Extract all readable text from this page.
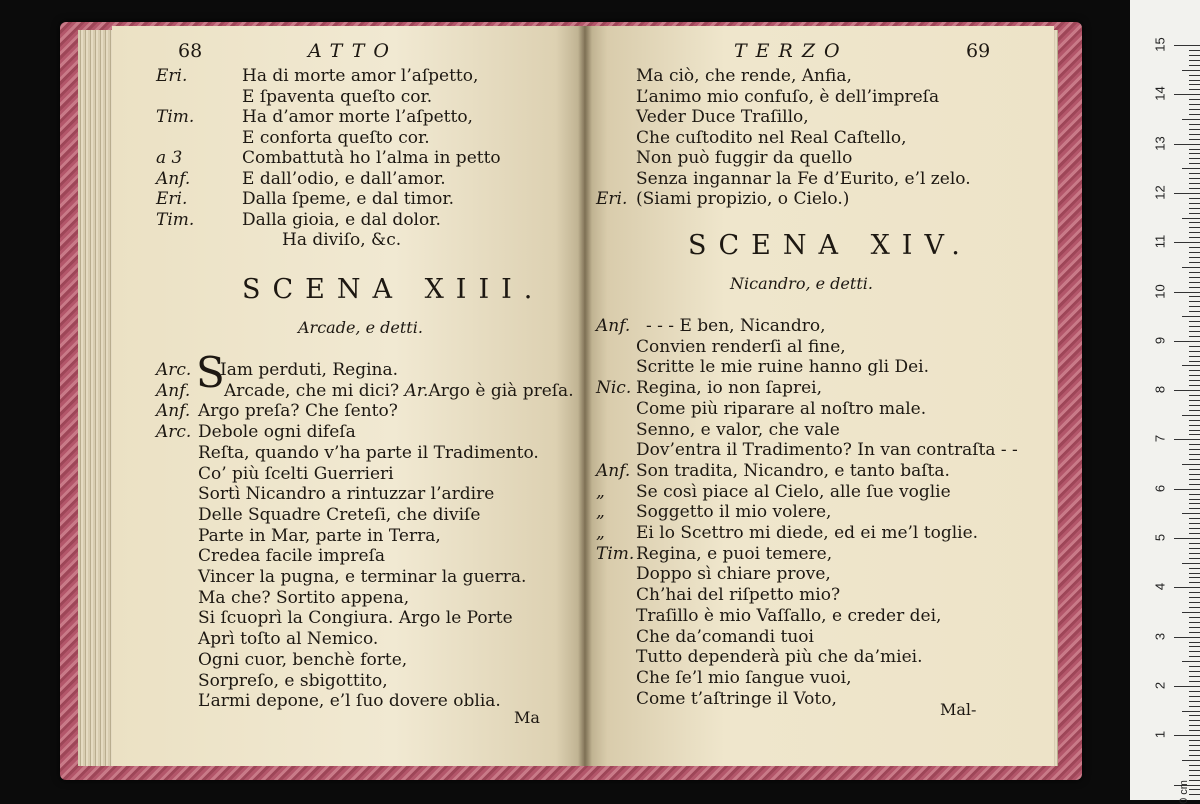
68	ATTO
Eri.	Ha di morte amor l’aſpetto,
E ſpaventa queſto cor.
Tim.	Ha d’amor morte l’aſpetto,
E conforta queſto cor.
a 3	Combattutà ho l’alma in petto
Anf.	E dall’odio, e dall’amor.
Eri.	Dalla ſpeme, e dal timor.
Tim.	Dalla gioia, e dal dolor.
Ha diviſo, &c.
SCENA XIII.
Arcade, e detti.
S
Arc. Iam perduti, Regina.
Anf. Arcade, che mi dici? Ar.Argo è già preſa.
Anf. Argo preſa? Che ſento?
Arc. Debole ogni difeſa
Reſta, quando v’ha parte il Tradimento.
Co’ più ſcelti Guerrieri
Sortì Nicandro a rintuzzar l’ardire
Delle Squadre Creteſi, che diviſe
Parte in Mar, parte in Terra,
Credea facile impreſa
Vincer la pugna, e terminar la guerra.
Ma che? Sortito appena,
Si ſcuoprì la Congiura. Argo le Porte
Aprì toſto al Nemico.
Ogni cuor, benchè forte,
Sorpreſo, e sbigottito,
L’armi depone, e’l ſuo dovere oblia.
Ma
TERZO	69
Ma ciò, che rende, Anfia,
L’animo mio confuſo, è dell’impreſa
Veder Duce Traſillo,
Che cuſtodito nel Real Caſtello,
Non può fuggir da quello
Senza ingannar la Fe d’Eurito, e’l zelo.
Eri. (Siami propizio, o Cielo.)
SCENA XIV.
Nicandro, e detti.
Anf. - - - E ben, Nicandro,
Convien renderſi al fine,
Scritte le mie ruine hanno gli Dei.
Nic. Regina, io non ſaprei,
Come più riparare al noſtro male.
Senno, e valor, che vale
Dov’entra il Tradimento? In van contraſta - -
Anf. Son tradita, Nicandro, e tanto baſta.
„ Se così piace al Cielo, alle ſue voglie
„ Soggetto il mio volere,
„ Ei lo Scettro mi diede, ed ei me’l toglie.
Tim. Regina, e puoi temere,
Doppo sì chiare prove,
Ch’hai del riſpetto mio?
Traſillo è mio Vaſſallo, e creder dei,
Che da’comandi tuoi
Tutto dependerà più che da’miei.
Che ſe’l mio ſangue vuoi,
Come t’aſtringe il Voto,
Mal-
15
14
13
12
11
10
9
8
7
6
5
4
3
2
1
0 cm
